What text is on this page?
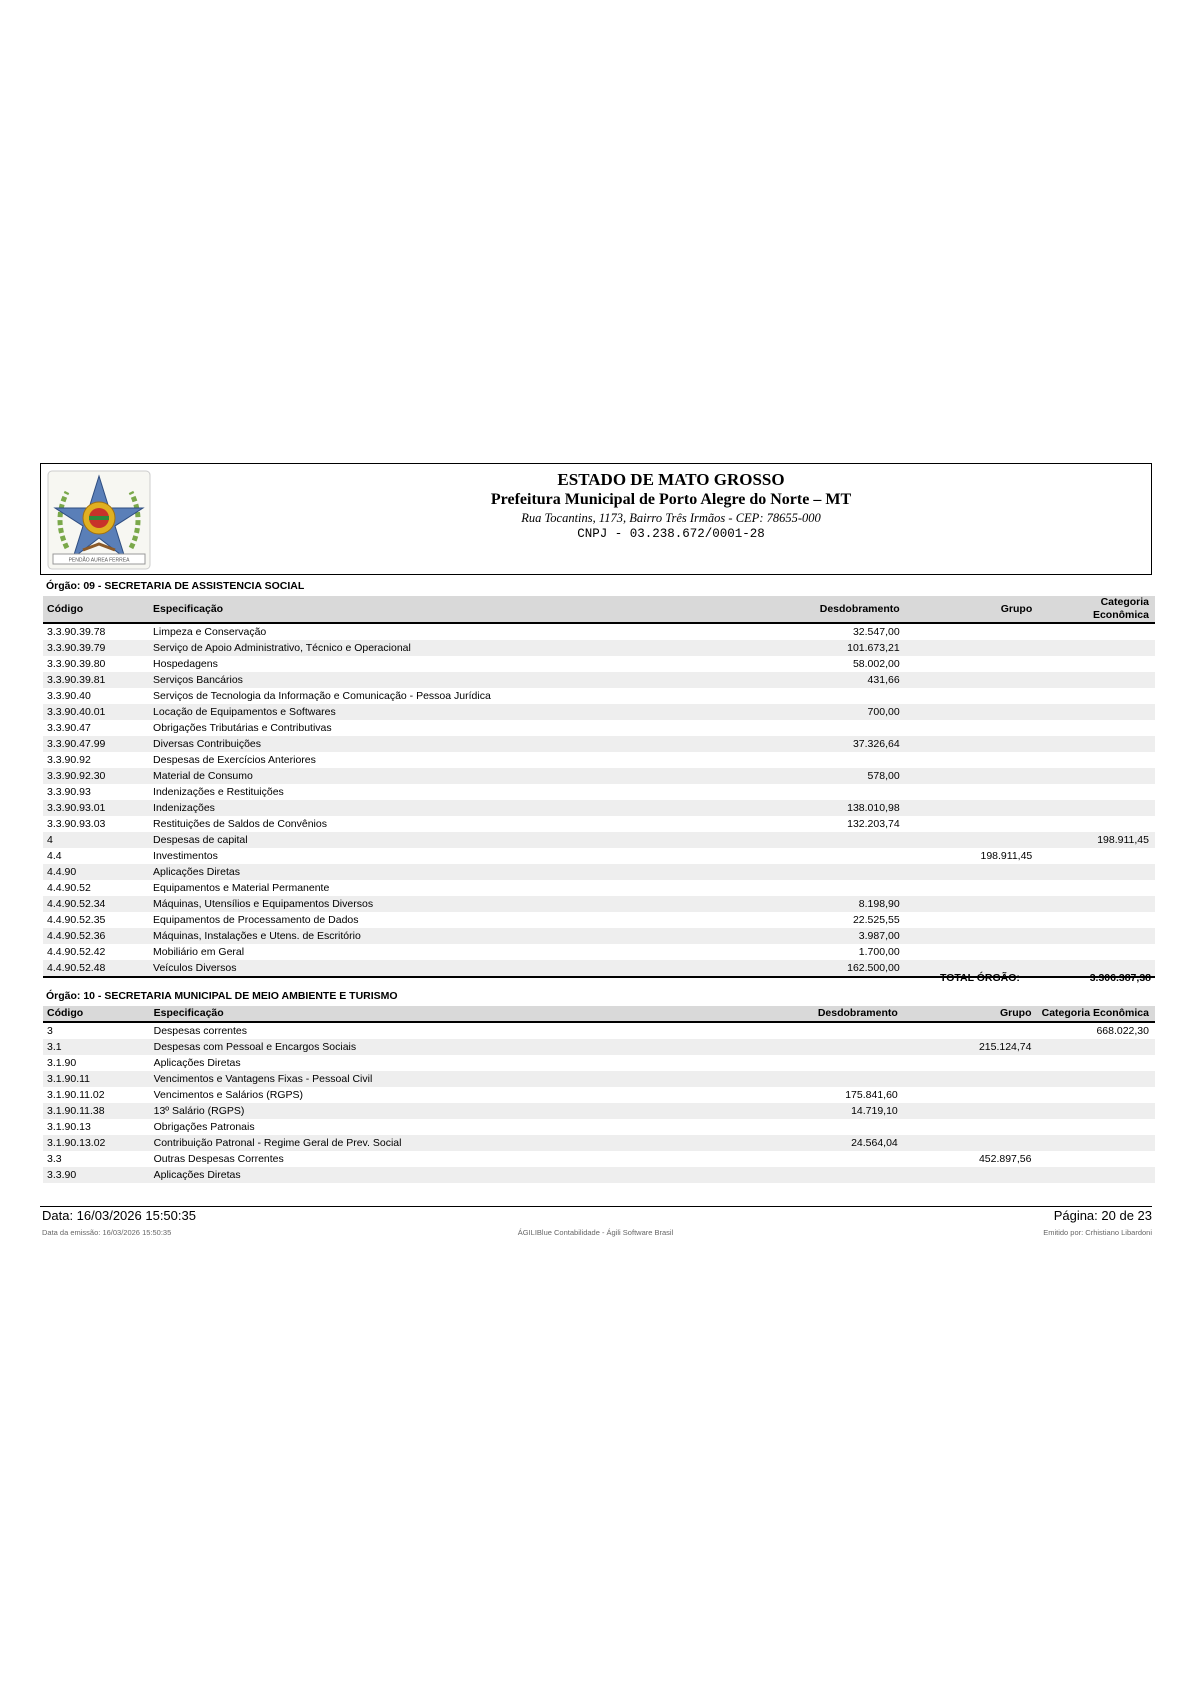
PENDÃO AUREA FERREA
ESTADO DE MATO GROSSO
Prefeitura Municipal de Porto Alegre do Norte – MT
Rua Tocantins, 1173, Bairro Três Irmãos - CEP: 78655-000
CNPJ - 03.238.672/0001-28
Órgão: 09 - SECRETARIA DE ASSISTENCIA SOCIAL
Código	Especificação	Desdobramento	Grupo	Categoria Econômica
3.3.90.39.78	Limpeza e Conservação	32.547,00		
3.3.90.39.79	Serviço de Apoio Administrativo, Técnico e Operacional	101.673,21		
3.3.90.39.80	Hospedagens	58.002,00		
3.3.90.39.81	Serviços Bancários	431,66		
3.3.90.40	Serviços de Tecnologia da Informação e Comunicação - Pessoa Jurídica			
3.3.90.40.01	Locação de Equipamentos e Softwares	700,00		
3.3.90.47	Obrigações Tributárias e Contributivas			
3.3.90.47.99	Diversas Contribuições	37.326,64		
3.3.90.92	Despesas de Exercícios Anteriores			
3.3.90.92.30	Material de Consumo	578,00		
3.3.90.93	Indenizações e Restituições			
3.3.90.93.01	Indenizações	138.010,98		
3.3.90.93.03	Restituições de Saldos de Convênios	132.203,74		
4	Despesas de capital			198.911,45
4.4	Investimentos		198.911,45	
4.4.90	Aplicações Diretas			
4.4.90.52	Equipamentos e Material Permanente			
4.4.90.52.34	Máquinas, Utensílios e Equipamentos Diversos	8.198,90		
4.4.90.52.35	Equipamentos de Processamento de Dados	22.525,55		
4.4.90.52.36	Máquinas, Instalações e Utens. de Escritório	3.987,00		
4.4.90.52.42	Mobiliário em Geral	1.700,00		
4.4.90.52.48	Veículos Diversos	162.500,00		
TOTAL ÓRGÃO:	3.306.387,38
Órgão: 10 - SECRETARIA MUNICIPAL DE MEIO AMBIENTE E TURISMO
Código	Especificação	Desdobramento	Grupo	Categoria Econômica
3	Despesas correntes			668.022,30
3.1	Despesas com Pessoal e Encargos Sociais		215.124,74	
3.1.90	Aplicações Diretas			
3.1.90.11	Vencimentos e Vantagens Fixas - Pessoal Civil			
3.1.90.11.02	Vencimentos e Salários (RGPS)	175.841,60		
3.1.90.11.38	13º Salário (RGPS)	14.719,10		
3.1.90.13	Obrigações Patronais			
3.1.90.13.02	Contribuição Patronal - Regime Geral de Prev. Social	24.564,04		
3.3	Outras Despesas Correntes		452.897,56	
3.3.90	Aplicações Diretas			
Data: 16/03/2026 15:50:35	Página: 20 de 23
Data da emissão: 16/03/2026 15:50:35	ÁGILIBlue Contabilidade - Ágili Software Brasil	Emitido por: Crhistiano Libardoni
